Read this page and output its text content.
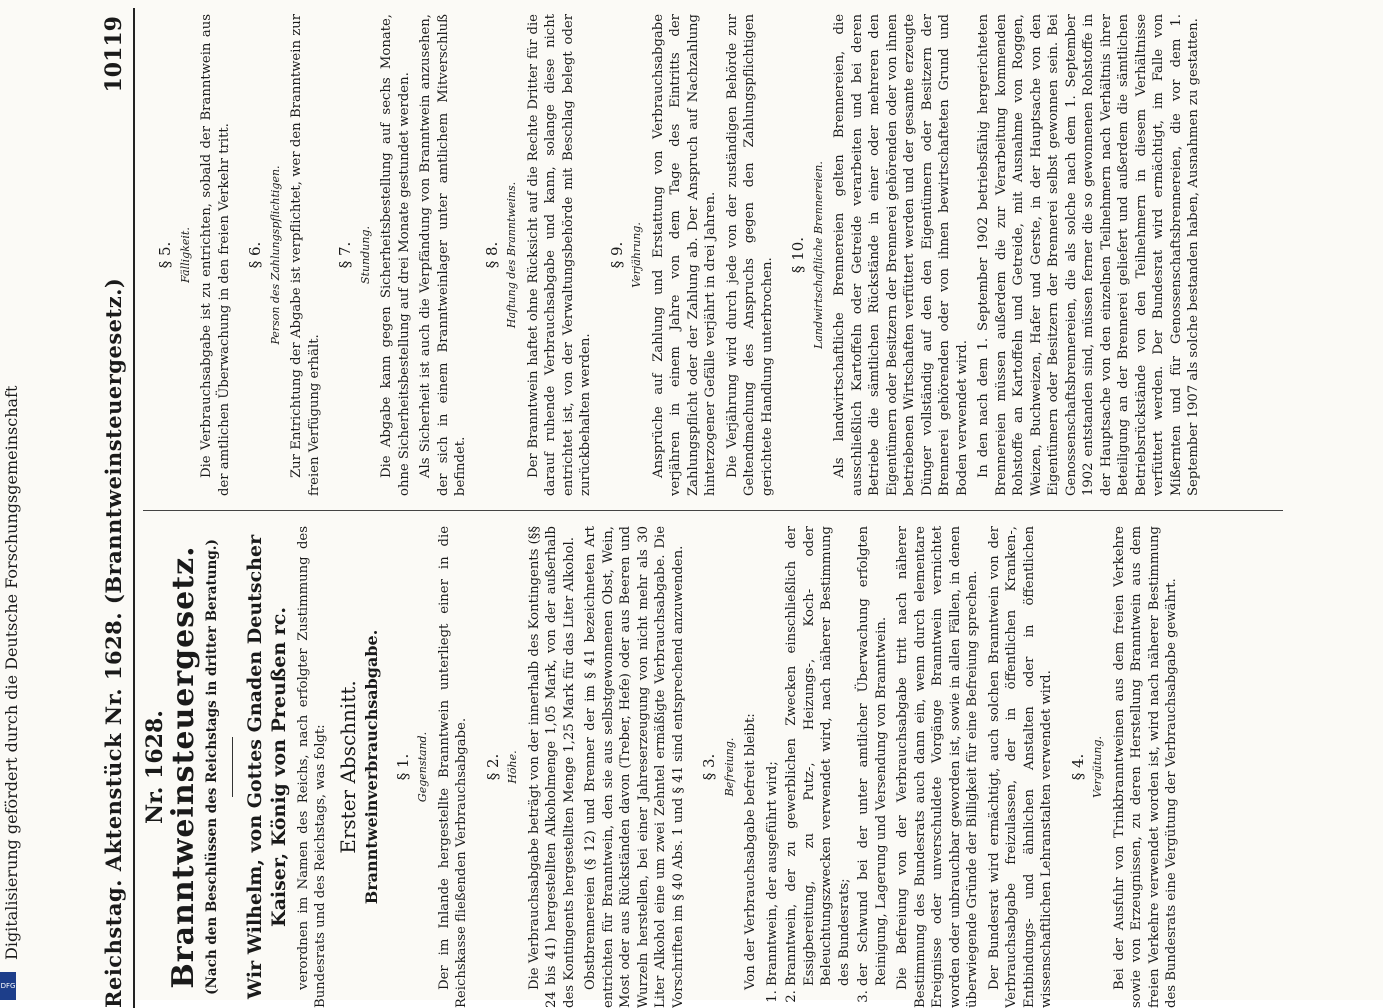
Reichstag. Aktenstück Nr. 1628. (Branntweinsteuergesetz.)
10119
Nr. 1628.
Branntweinsteuergesetz. (Nach den Beschlüssen des Reichstags in dritter Beratung.) Wir Wilhelm, von Gottes Gnaden Deutscher Kaiser, König von Preußen rc. verordnen im Namen des Reichs, nach erfolgter Zustimmung des Bundesrats und des Reichstags, was folgt: Erster Abschnitt. Branntweinverbrauchsabgabe. § 1. Gegenstand. Der im Inlande hergestellte Branntwein unterliegt einer in die Reichskasse fließenden Verbrauchsabgabe. § 2. Höhe. Die Verbrauchsabgabe beträgt von der innerhalb des Kontingents (§§ 24 bis 41) hergestellten Alkoholmenge 1,05 Mark, von der außerhalb des Kontingents hergestellten Menge 1,25 Mark für das Liter Alkohol. Obstbrennereien (§ 12) und Brenner der im § 41 bezeichneten Art entrichten für Branntwein, den sie aus selbstgewonnenen Obst, Wein, Most oder aus Rückständen davon (Treber, Hefe) oder aus Beeren und Wurzeln herstellen, bei einer Jahreserzeugung von nicht mehr als 30 Liter Alkohol eine um zwei Zehntel ermäßigte Verbrauchsabgabe. Die Vorschriften im § 40 Abs. 1 und § 41 sind entsprechend anzuwenden. § 3. Befreiung. Von der Verbrauchsabgabe befreit bleibt: 1. Branntwein, der ausgeführt wird; 2. Branntwein, der zu gewerblichen Zwecken einschließlich der Essigbereitung, zu Putz-, Heizungs-, Koch- oder Beleuchtungszwecken verwendet wird, nach näherer Bestimmung des Bundesrats; 3. der Schwund bei der unter amtlicher Überwachung erfolgten Reinigung, Lagerung und Versendung von Branntwein. Die Befreiung von der Verbrauchsabgabe tritt nach näherer Bestimmung des Bundesrats auch dann ein, wenn durch elementare Ereignisse oder unverschuldete Vorgänge Branntwein vernichtet worden oder unbrauchbar geworden ist, sowie in allen Fällen, in denen überwiegende Gründe der Billigkeit für eine Befreiung sprechen. Der Bundesrat wird ermächtigt, auch solchen Branntwein von der Verbrauchsabgabe freizulassen, der in öffentlichen Kranken-, Entbindungs- und ähnlichen Anstalten oder in öffentlichen wissenschaftlichen Lehranstalten verwendet wird. § 4. Vergütung. Bei der Ausfuhr von Trinkbranntweinen aus dem freien Verkehre sowie von Erzeugnissen, zu deren Herstellung Branntwein aus dem freien Verkehre verwendet worden ist, wird nach näherer Bestimmung des Bundesrats eine Vergütung der Verbrauchsabgabe gewährt.

§ 5. Fälligkeit. Die Verbrauchsabgabe ist zu entrichten, sobald der Branntwein aus der amtlichen Überwachung in den freien Verkehr tritt. § 6. Person des Zahlungspflichtigen. Zur Entrichtung der Abgabe ist verpflichtet, wer den Branntwein zur freien Verfügung erhält.

§ 7. Stundung. Die Abgabe kann gegen Sicherheitsbestellung auf sechs Monate, ohne Sicherheitsbestellung auf drei Monate gestundet werden. Als Sicherheit ist auch die Verpfändung von Branntwein anzusehen, der sich in einem Branntweinlager unter amtlichem Mitverschluß befindet.

§ 8. Haftung des Branntweins. Der Branntwein haftet ohne Rücksicht auf die Rechte Dritter für die darauf ruhende Verbrauchsabgabe und kann, solange diese nicht entrichtet ist, von der Verwaltungsbehörde mit Beschlag belegt oder zurückbehalten werden.

§ 9. Verjährung. Ansprüche auf Zahlung und Erstattung von Verbrauchsabgabe verjähren in einem Jahre von dem Tage des Eintritts der Zahlungspflicht oder der Zahlung ab. Der Anspruch auf Nachzahlung hinterzogener Gefälle verjährt in drei Jahren. Die Verjährung wird durch jede von der zuständigen Behörde zur Geltendmachung des Anspruchs gegen den Zahlungspflichtigen gerichtete Handlung unterbrochen.

§ 10. Landwirtschaftliche Brennereien. Als landwirtschaftliche Brennereien gelten Brennereien, die ausschließlich Kartoffeln oder Getreide verarbeiten und bei deren Betriebe die sämtlichen Rückstände in einer oder mehreren den Eigentümern oder Besitzern der Brennerei gehörenden oder von ihnen betriebenen Wirtschaften verfüttert werden und der gesamte erzeugte Dünger vollständig auf den den Eigentümern oder Besitzern der Brennerei gehörenden oder von ihnen bewirtschafteten Grund und Boden verwendet wird. In den nach dem 1. September 1902 betriebsfähig hergerichteten Brennereien müssen außerdem die zur Verarbeitung kommenden Rohstoffe an Kartoffeln und Getreide, mit Ausnahme von Roggen, Weizen, Buchweizen, Hafer und Gerste, in der Hauptsache von den Eigentümern oder Besitzern der Brennerei selbst gewonnen sein. Bei Genossenschaftsbrennereien, die als solche nach dem 1. September 1902 entstanden sind, müssen ferner die so gewonnenen Rohstoffe in der Hauptsache von den einzelnen Teilnehmern nach Verhältnis ihrer Beteiligung an der Brennerei geliefert und außerdem die sämtlichen Betriebsrückstände von den Teilnehmern in diesem Verhältnisse verfüttert werden. Der Bundesrat wird ermächtigt, im Falle von Mißernten und für Genossenschaftsbrennereien, die vor dem 1. September 1907 als solche bestanden haben, Ausnahmen zu gestatten.

Digitalisierung gefördert durch die Deutsche Forschungsgemeinschaft
DFG
